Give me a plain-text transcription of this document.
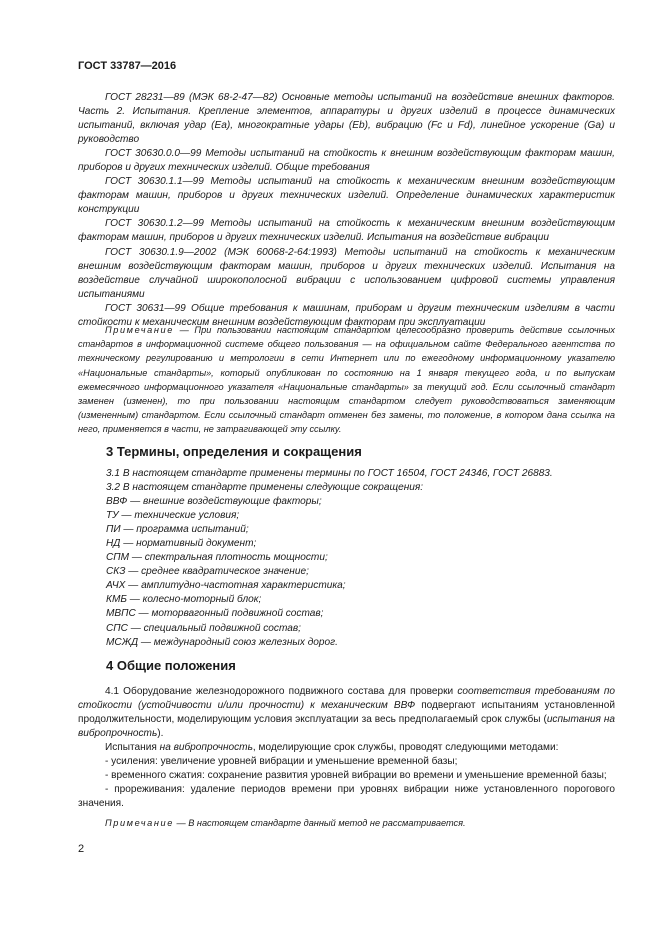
ГОСТ 33787—2016

ГОСТ 28231—89 (МЭК 68-2-47—82) Основные методы испытаний на воздействие внешних факторов. Часть 2. Испытания. Крепление элементов, аппаратуры и других изделий в процессе динамических испытаний, включая удар (Ea), многократные удары (Eb), вибрацию (Fc и Fd), линейное ускорение (Ga) и руководство

ГОСТ 30630.0.0—99 Методы испытаний на стойкость к внешним воздействующим факторам машин, приборов и других технических изделий. Общие требования

ГОСТ 30630.1.1—99 Методы испытаний на стойкость к механическим внешним воздействующим факторам машин, приборов и других технических изделий. Определение динамических характеристик конструкции

ГОСТ 30630.1.2—99 Методы испытаний на стойкость к механическим внешним воздействующим факторам машин, приборов и других технических изделий. Испытания на воздействие вибрации

ГОСТ 30630.1.9—2002 (МЭК 60068-2-64:1993) Методы испытаний на стойкость к механическим внешним воздействующим факторам машин, приборов и других технических изделий. Испытания на воздействие случайной широкополосной вибрации с использованием цифровой системы управления испытаниями

ГОСТ 30631—99 Общие требования к машинам, приборам и другим техническим изделиям в части стойкости к механическим внешним воздействующим факторам при эксплуатации

Примечание — При пользовании настоящим стандартом целесообразно проверить действие ссылочных стандартов в информационной системе общего пользования — на официальном сайте Федерального агентства по техническому регулированию и метрологии в сети Интернет или по ежегодному информационному указателю «Национальные стандарты», который опубликован по состоянию на 1 января текущего года, и по выпускам ежемесячного информационного указателя «Национальные стандарты» за текущий год. Если ссылочный стандарт заменен (изменен), то при пользовании настоящим стандартом следует руководствоваться заменяющим (измененным) стандартом. Если ссылочный стандарт отменен без замены, то положение, в котором дана ссылка на него, применяется в части, не затрагивающей эту ссылку.

3 Термины, определения и сокращения

3.1 В настоящем стандарте применены термины по ГОСТ 16504, ГОСТ 24346, ГОСТ 26883.

3.2 В настоящем стандарте применены следующие сокращения:

ВВФ — внешние воздействующие факторы;

ТУ — технические условия;

ПИ — программа испытаний;

НД — нормативный документ;

СПМ — спектральная плотность мощности;

СКЗ — среднее квадратическое значение;

АЧХ — амплитудно-частотная характеристика;

КМБ — колесно-моторный блок;

МВПС — моторвагонный подвижной состав;

СПС — специальный подвижной состав;

МСЖД — международный союз железных дорог.

4 Общие положения

4.1 Оборудование железнодорожного подвижного состава для проверки соответствия требованиям по стойкости (устойчивости и/или прочности) к механическим ВВФ подвергают испытаниям установленной продолжительности, моделирующим условия эксплуатации за весь предполагаемый срок службы (испытания на вибропрочность).

Испытания на вибропрочность, моделирующие срок службы, проводят следующими методами:

- усиления: увеличение уровней вибрации и уменьшение временной базы;

- временного сжатия: сохранение развития уровней вибрации во времени и уменьшение временной базы;

- прореживания: удаление периодов времени при уровнях вибрации ниже установленного порогового значения.

Примечание — В настоящем стандарте данный метод не рассматривается.

2
